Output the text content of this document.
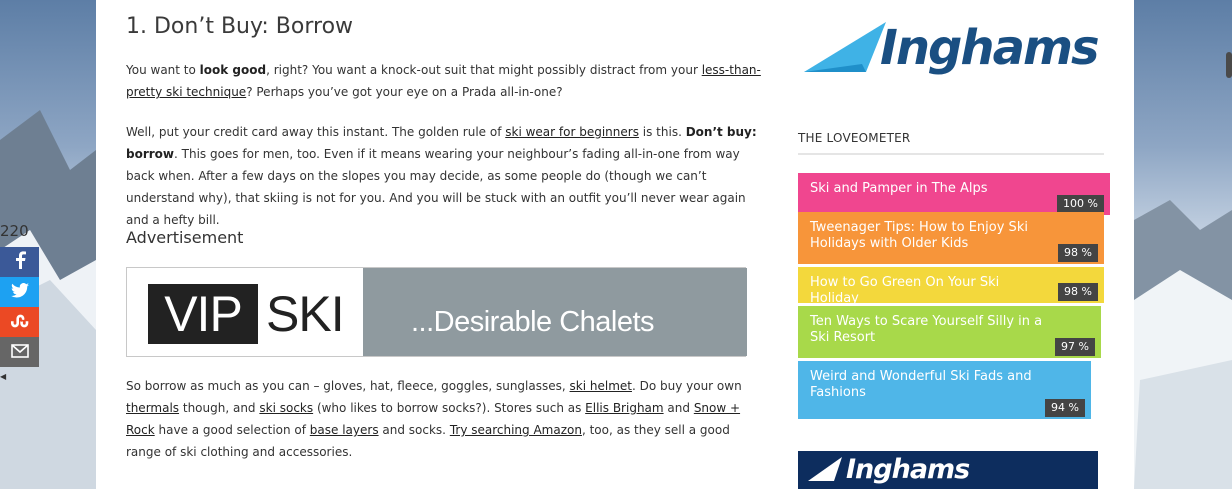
1. Don’t Buy: Borrow
You want to look good, right? You want a knock-out suit that might possibly distract from your less-than-pretty ski technique? Perhaps you’ve got your eye on a Prada all-in-one?
Well, put your credit card away this instant. The golden rule of ski wear for beginners is this. Don’t buy: borrow. This goes for men, too. Even if it means wearing your neighbour’s fading all-in-one from way back when. After a few days on the slopes you may decide, as some people do (though we can’t understand why), that skiing is not for you. And you will be stuck with an outfit you’ll never wear again and a hefty bill.
Advertisement
VIP SKI ...Desirable Chalets
So borrow as much as you can – gloves, hat, fleece, goggles, sunglasses, ski helmet. Do buy your own thermals though, and ski socks (who likes to borrow socks?). Stores such as Ellis Brigham and Snow + Rock have a good selection of base layers and socks. Try searching Amazon, too, as they sell a good range of ski clothing and accessories.
Inghams
THE LOVEOMETER
Ski and Pamper in The Alps
100 %
Tweenager Tips: How to Enjoy Ski Holidays with Older Kids
98 %
How to Go Green On Your Ski Holiday	98 %
Ten Ways to Scare Yourself Silly in a Ski Resort
97 %
Weird and Wonderful Ski Fads and Fashions
94 %
Inghams
220
◀
